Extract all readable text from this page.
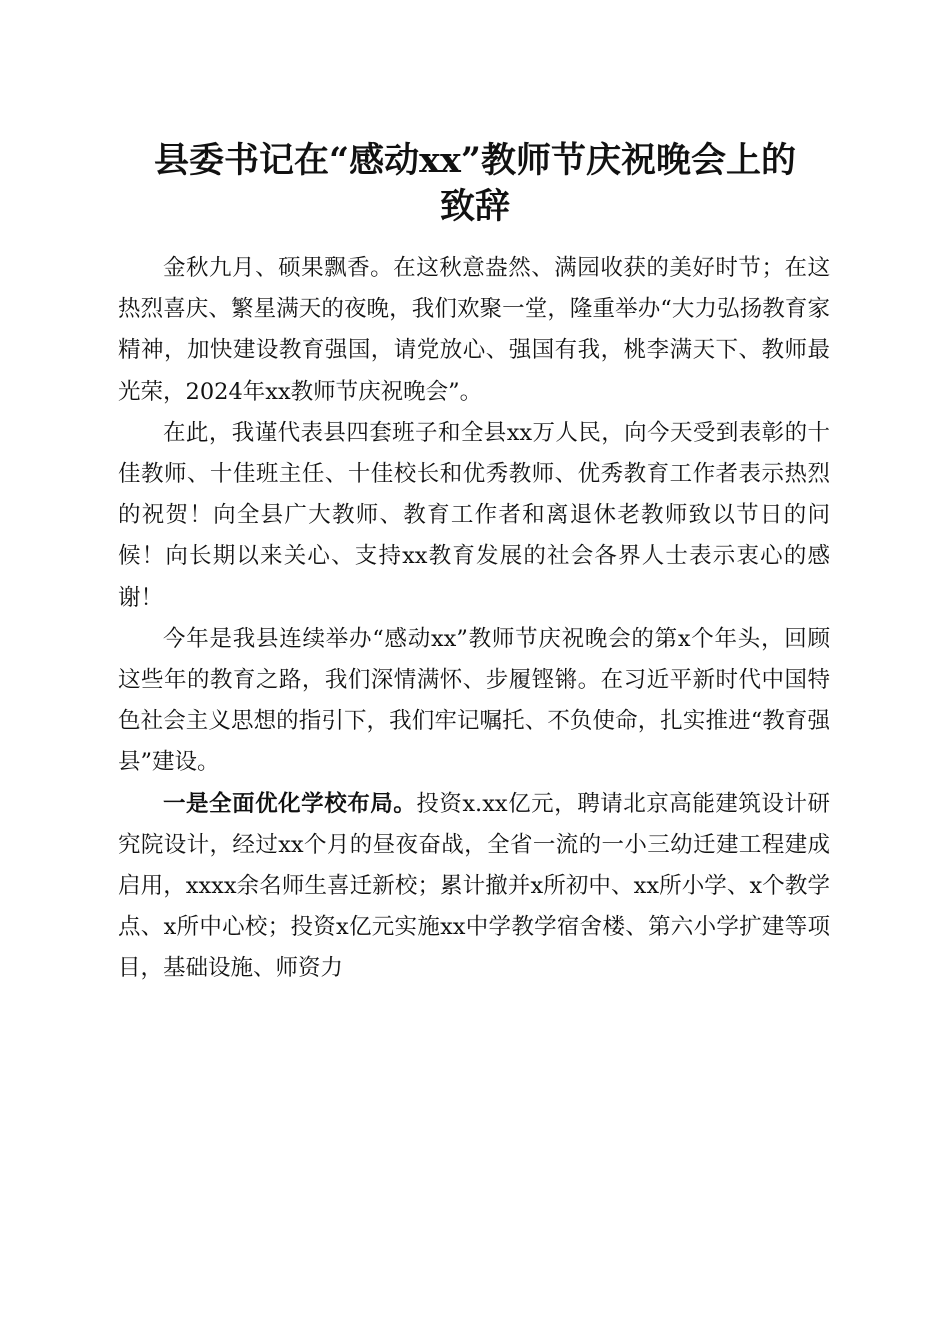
县委书记在“感动xx”教师节庆祝晚会上的
致辞

金秋九月、硕果飘香。在这秋意盎然、满园收获的美好时节；在这热烈喜庆、繁星满天的夜晚，我们欢聚一堂，隆重举办“大力弘扬教育家精神，加快建设教育强国，请党放心、强国有我，桃李满天下、教师最光荣，2024年xx教师节庆祝晚会”。

在此，我谨代表县四套班子和全县xx万人民，向今天受到表彰的十佳教师、十佳班主任、十佳校长和优秀教师、优秀教育工作者表示热烈的祝贺！向全县广大教师、教育工作者和离退休老教师致以节日的问候！向长期以来关心、支持xx教育发展的社会各界人士表示衷心的感谢！

今年是我县连续举办“感动xx”教师节庆祝晚会的第x个年头，回顾这些年的教育之路，我们深情满怀、步履铿锵。在习近平新时代中国特色社会主义思想的指引下，我们牢记嘱托、不负使命，扎实推进“教育强县”建设。

一是全面优化学校布局。投资x.xx亿元，聘请北京高能建筑设计研究院设计，经过xx个月的昼夜奋战，全省一流的一小三幼迁建工程建成启用，xxxx余名师生喜迁新校；累计撤并x所初中、xx所小学、x个教学点、x所中心校；投资x亿元实施xx中学教学宿舍楼、第六小学扩建等项目，基础设施、师资力
